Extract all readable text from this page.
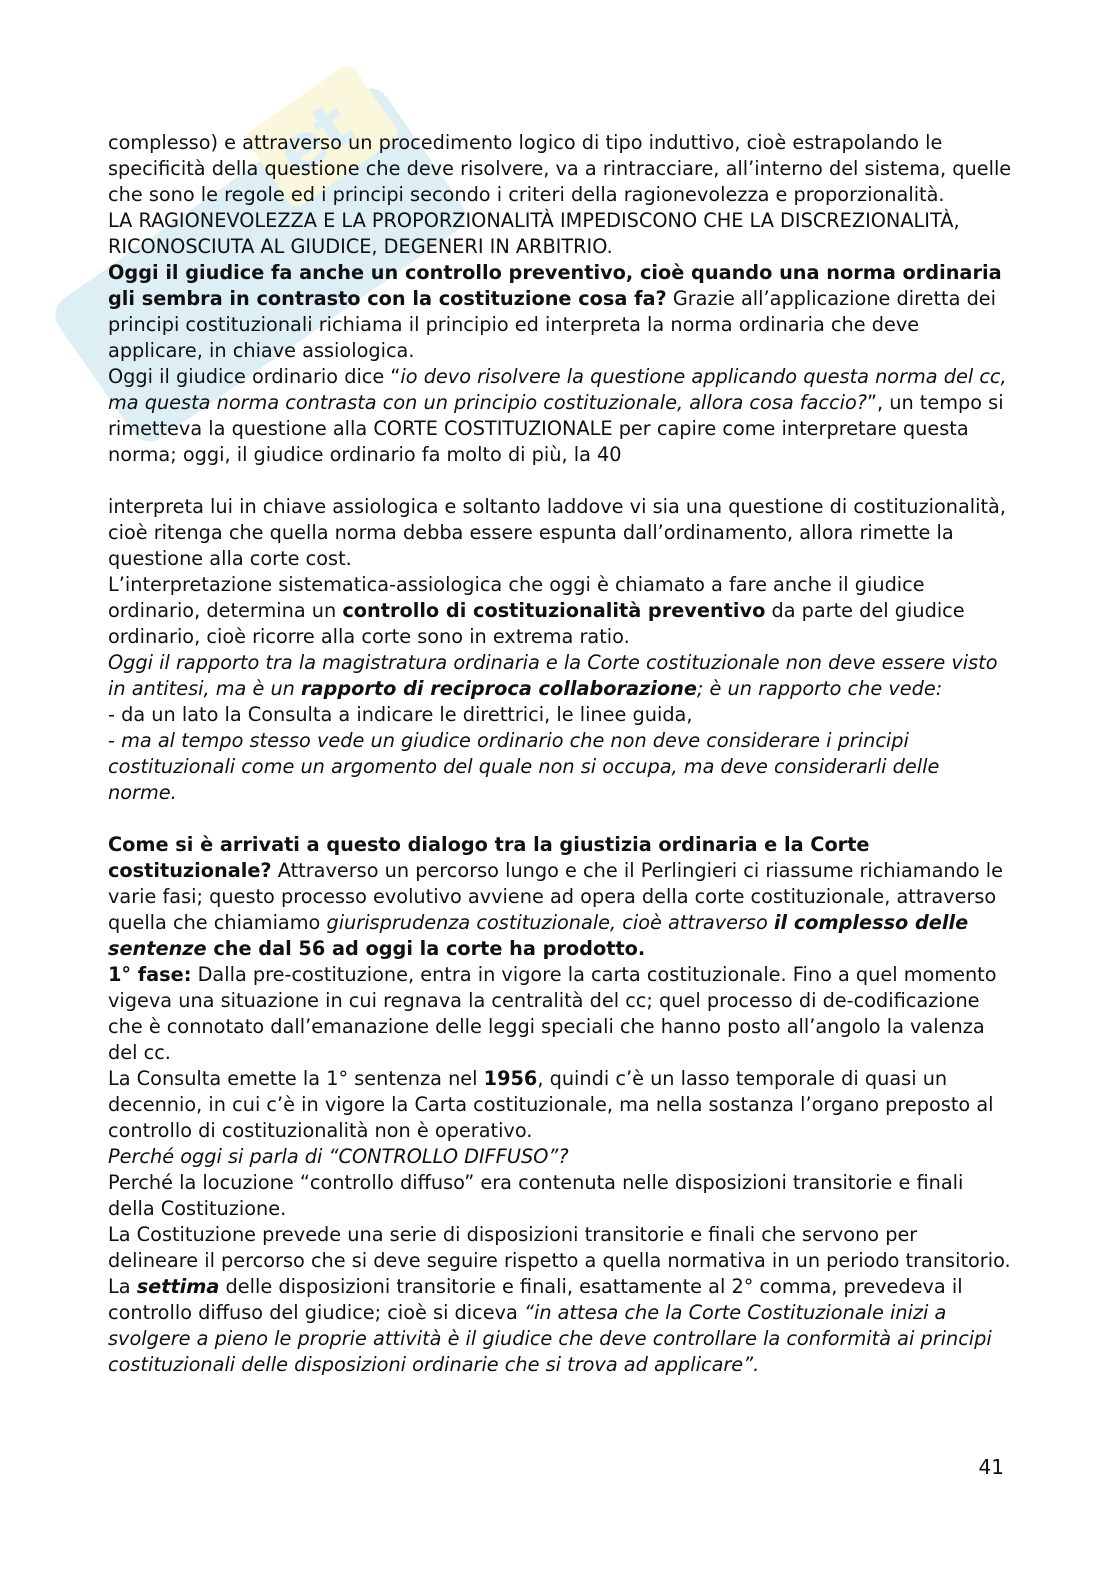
et

complesso) e attraverso un procedimento logico di tipo induttivo, cioè estrapolando le specificità della questione che deve risolvere, va a rintracciare, all’interno del sistema, quelle che sono le regole ed i principi secondo i criteri della ragionevolezza e proporzionalità.

LA RAGIONEVOLEZZA E LA PROPORZIONALITÀ IMPEDISCONO CHE LA DISCREZIONALITÀ, RICONOSCIUTA AL GIUDICE, DEGENERI IN ARBITRIO.

Oggi il giudice fa anche un controllo preventivo, cioè quando una norma ordinaria gli sembra in contrasto con la costituzione cosa fa? Grazie all’applicazione diretta dei principi costituzionali richiama il principio ed interpreta la norma ordinaria che deve applicare, in chiave assiologica.

Oggi il giudice ordinario dice “io devo risolvere la questione applicando questa norma del cc, ma questa norma contrasta con un principio costituzionale, allora cosa faccio?”, un tempo si rimetteva la questione alla CORTE COSTITUZIONALE per capire come interpretare questa norma; oggi, il giudice ordinario fa molto di più, la 40

interpreta lui in chiave assiologica e soltanto laddove vi sia una questione di costituzionalità, cioè ritenga che quella norma debba essere espunta dall’ordinamento, allora rimette la questione alla corte cost.

L’interpretazione sistematica-assiologica che oggi è chiamato a fare anche il giudice ordinario, determina un controllo di costituzionalità preventivo da parte del giudice ordinario, cioè ricorre alla corte sono in extrema ratio.

Oggi il rapporto tra la magistratura ordinaria e la Corte costituzionale non deve essere visto in antitesi, ma è un rapporto di reciproca collaborazione; è un rapporto che vede:

- da un lato la Consulta a indicare le direttrici, le linee guida,

- ma al tempo stesso vede un giudice ordinario che non deve considerare i principi costituzionali come un argomento del quale non si occupa, ma deve considerarli delle norme.

Come si è arrivati a questo dialogo tra la giustizia ordinaria e la Corte costituzionale? Attraverso un percorso lungo e che il Perlingieri ci riassume richiamando le varie fasi; questo processo evolutivo avviene ad opera della corte costituzionale, attraverso quella che chiamiamo giurisprudenza costituzionale, cioè attraverso il complesso delle sentenze che dal 56 ad oggi la corte ha prodotto.

1° fase: Dalla pre-costituzione, entra in vigore la carta costituzionale. Fino a quel momento vigeva una situazione in cui regnava la centralità del cc; quel processo di de-codificazione che è connotato dall’emanazione delle leggi speciali che hanno posto all’angolo la valenza del cc.

La Consulta emette la 1° sentenza nel 1956, quindi c’è un lasso temporale di quasi un decennio, in cui c’è in vigore la Carta costituzionale, ma nella sostanza l’organo preposto al controllo di costituzionalità non è operativo.

Perché oggi si parla di “CONTROLLO DIFFUSO”?

Perché la locuzione “controllo diffuso” era contenuta nelle disposizioni transitorie e finali della Costituzione.

La Costituzione prevede una serie di disposizioni transitorie e finali che servono per delineare il percorso che si deve seguire rispetto a quella normativa in un periodo transitorio.

La settima delle disposizioni transitorie e finali, esattamente al 2° comma, prevedeva il controllo diffuso del giudice; cioè si diceva “in attesa che la Corte Costituzionale inizi a svolgere a pieno le proprie attività è il giudice che deve controllare la conformità ai principi costituzionali delle disposizioni ordinarie che si trova ad applicare”.

41
